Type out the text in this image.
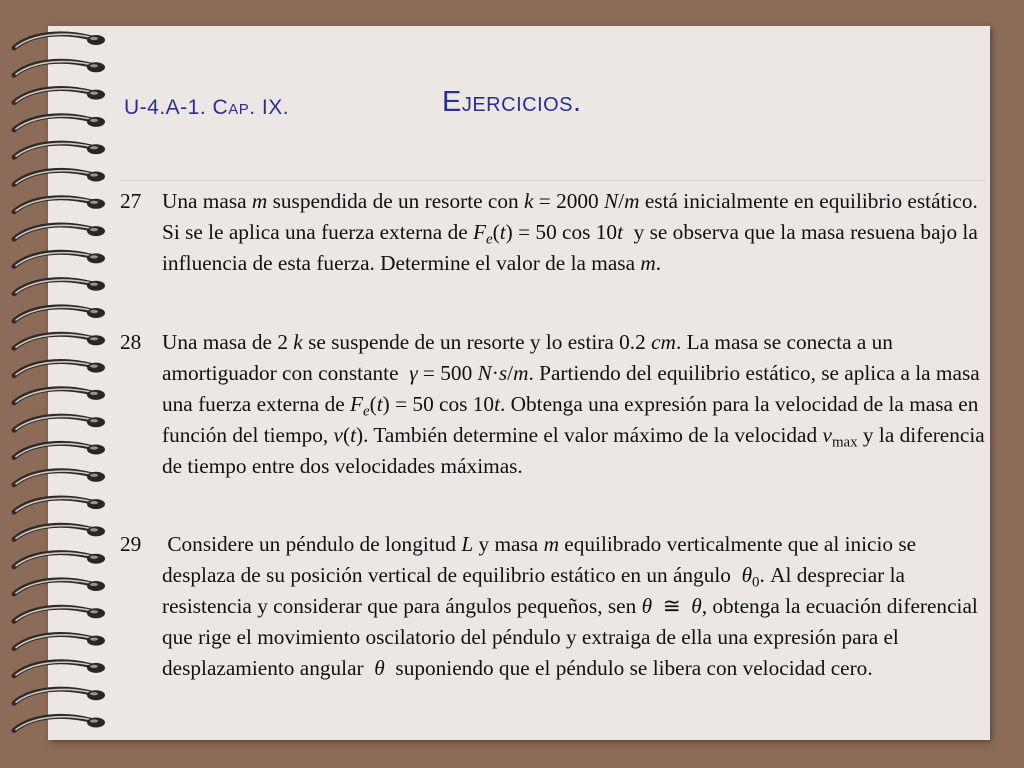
U-4.A-1. Cap. IX.	Ejercicios.
27 Una masa m suspendida de un resorte con k = 2000 N/m está inicialmente en equilibrio estático. Si se le aplica una fuerza externa de $F_e(t) = 50$ cos 10t  y se observa que la masa resuena bajo la influencia de esta fuerza. Determine el valor de la masa m.
28 Una masa de 2 k se suspende de un resorte y lo estira 0.2 cm. La masa se conecta a un amortiguador con constante  γ = 500 N·s/m. Partiendo del equilibrio estático, se aplica a la masa una fuerza externa de $F_e(t) = 50$ cos 10t. Obtenga una expresión para la velocidad de la masa en función del tiempo, v(t). También determine el valor máximo de la velocidad $v_{max}$ y la diferencia de tiempo entre dos velocidades máximas.
29 Considere un péndulo de longitud L y masa m equilibrado verticalmente que al inicio se desplaza de su posición vertical de equilibrio estático en un ángulo  $\theta_0$. Al despreciar la resistencia y considerar que para ángulos pequeños, sen θ  ≅  θ, obtenga la ecuación diferencial que rige el movimiento oscilatorio del péndulo y extraiga de ella una expresión para el desplazamiento angular  θ  suponiendo que el péndulo se libera con velocidad cero.
